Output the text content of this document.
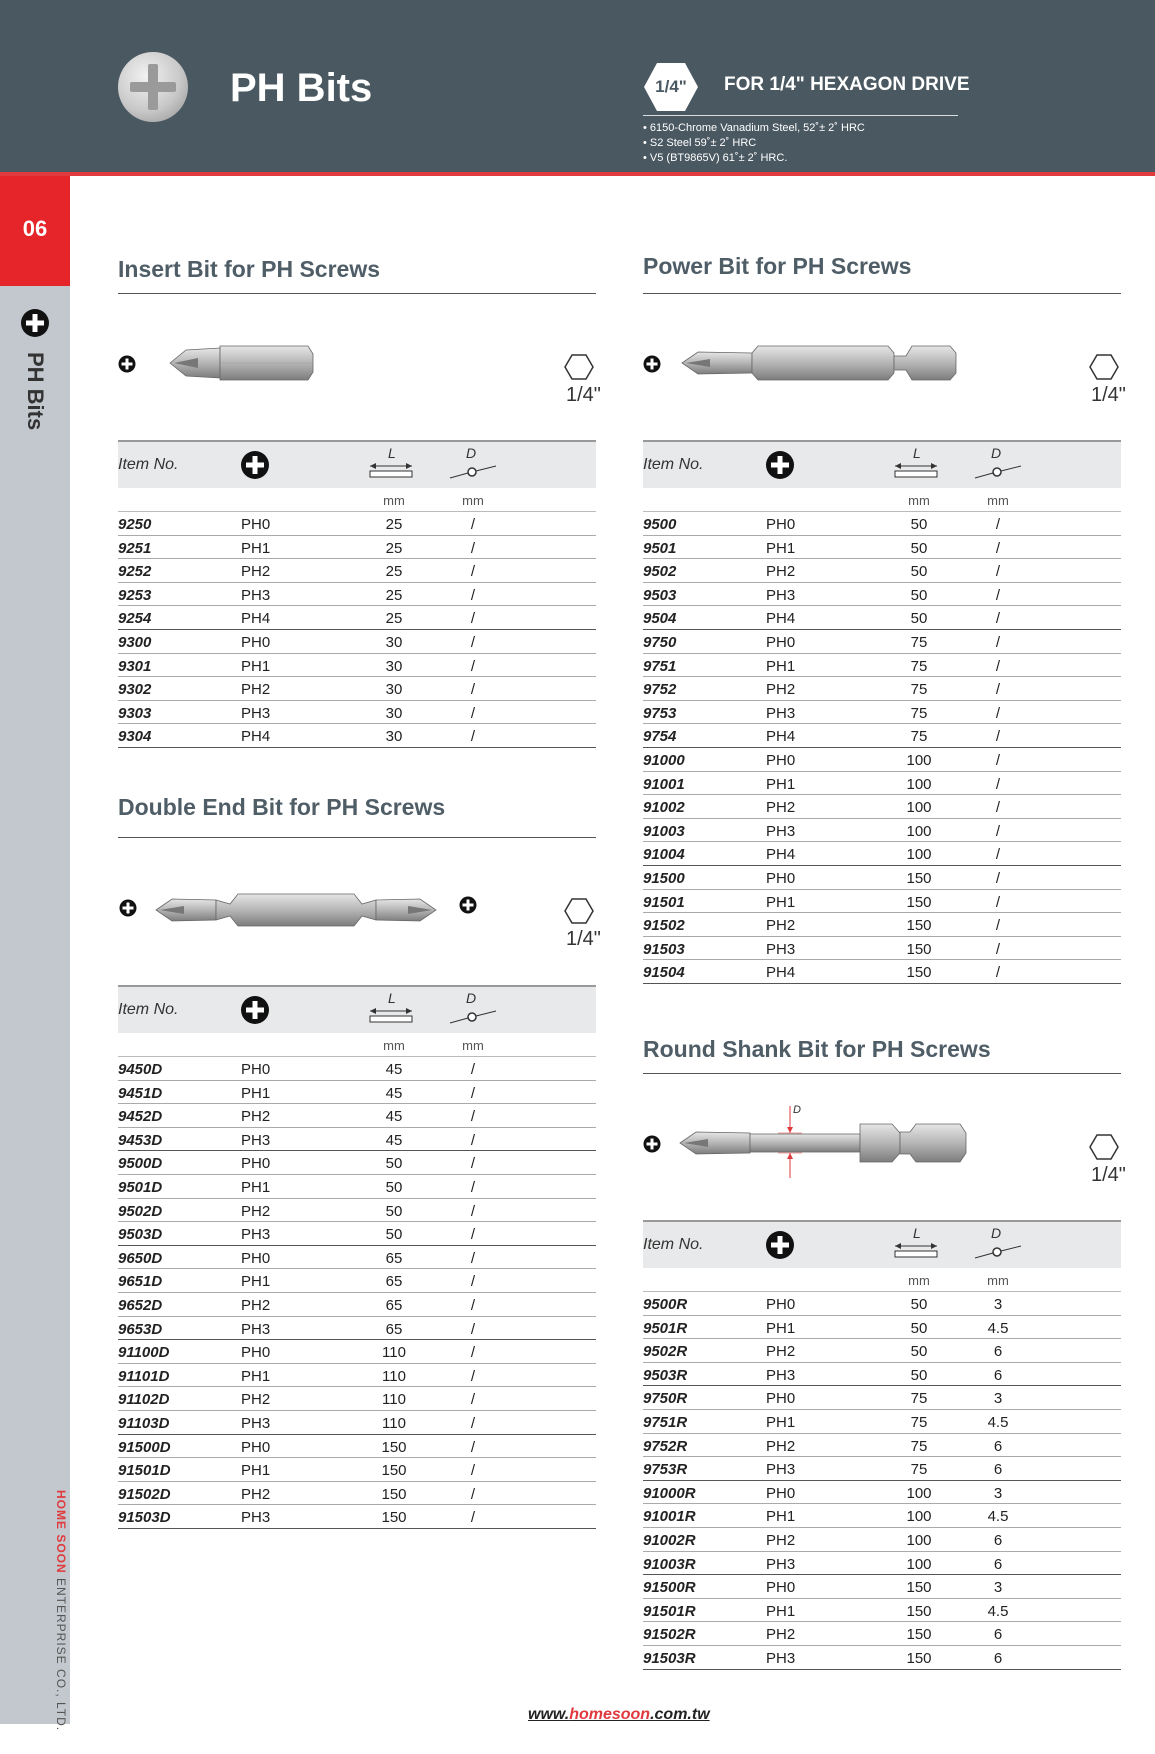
PH Bits	1/4"	FOR 1/4" HEXAGON DRIVE
• 6150-Chrome Vanadium Steel, 52˚± 2˚ HRC
• S2 Steel 59˚± 2˚ HRC
• V5 (BT9865V) 61˚± 2˚ HRC.
06
PH Bits
HOME SOON ENTERPRISE CO., LTD.
Insert Bit for PH Screws
1/4"
Item No.
L	D
mm	mm
9250	PH0	25	/
9251	PH1	25	/
9252	PH2	25	/
9253	PH3	25	/
9254	PH4	25	/
9300	PH0	30	/
9301	PH1	30	/
9302	PH2	30	/
9303	PH3	30	/
9304	PH4	30	/
Double End Bit for PH Screws
1/4"
Item No.
L	D
mm	mm
9450D	PH0	45	/
9451D	PH1	45	/
9452D	PH2	45	/
9453D	PH3	45	/
9500D	PH0	50	/
9501D	PH1	50	/
9502D	PH2	50	/
9503D	PH3	50	/
9650D	PH0	65	/
9651D	PH1	65	/
9652D	PH2	65	/
9653D	PH3	65	/
91100D	PH0	110	/
91101D	PH1	110	/
91102D	PH2	110	/
91103D	PH3	110	/
91500D	PH0	150	/
91501D	PH1	150	/
91502D	PH2	150	/
91503D	PH3	150	/
Power Bit for PH Screws
1/4"
Item No.
L	D
mm	mm
9500	PH0	50	/
9501	PH1	50	/
9502	PH2	50	/
9503	PH3	50	/
9504	PH4	50	/
9750	PH0	75	/
9751	PH1	75	/
9752	PH2	75	/
9753	PH3	75	/
9754	PH4	75	/
91000	PH0	100	/
91001	PH1	100	/
91002	PH2	100	/
91003	PH3	100	/
91004	PH4	100	/
91500	PH0	150	/
91501	PH1	150	/
91502	PH2	150	/
91503	PH3	150	/
91504	PH4	150	/
Round Shank Bit for PH Screws
D
1/4"
Item No.
L	D
mm	mm
9500R	PH0	50	3
9501R	PH1	50	4.5
9502R	PH2	50	6
9503R	PH3	50	6
9750R	PH0	75	3
9751R	PH1	75	4.5
9752R	PH2	75	6
9753R	PH3	75	6
91000R	PH0	100	3
91001R	PH1	100	4.5
91002R	PH2	100	6
91003R	PH3	100	6
91500R	PH0	150	3
91501R	PH1	150	4.5
91502R	PH2	150	6
91503R	PH3	150	6
www.homesoon.com.tw
